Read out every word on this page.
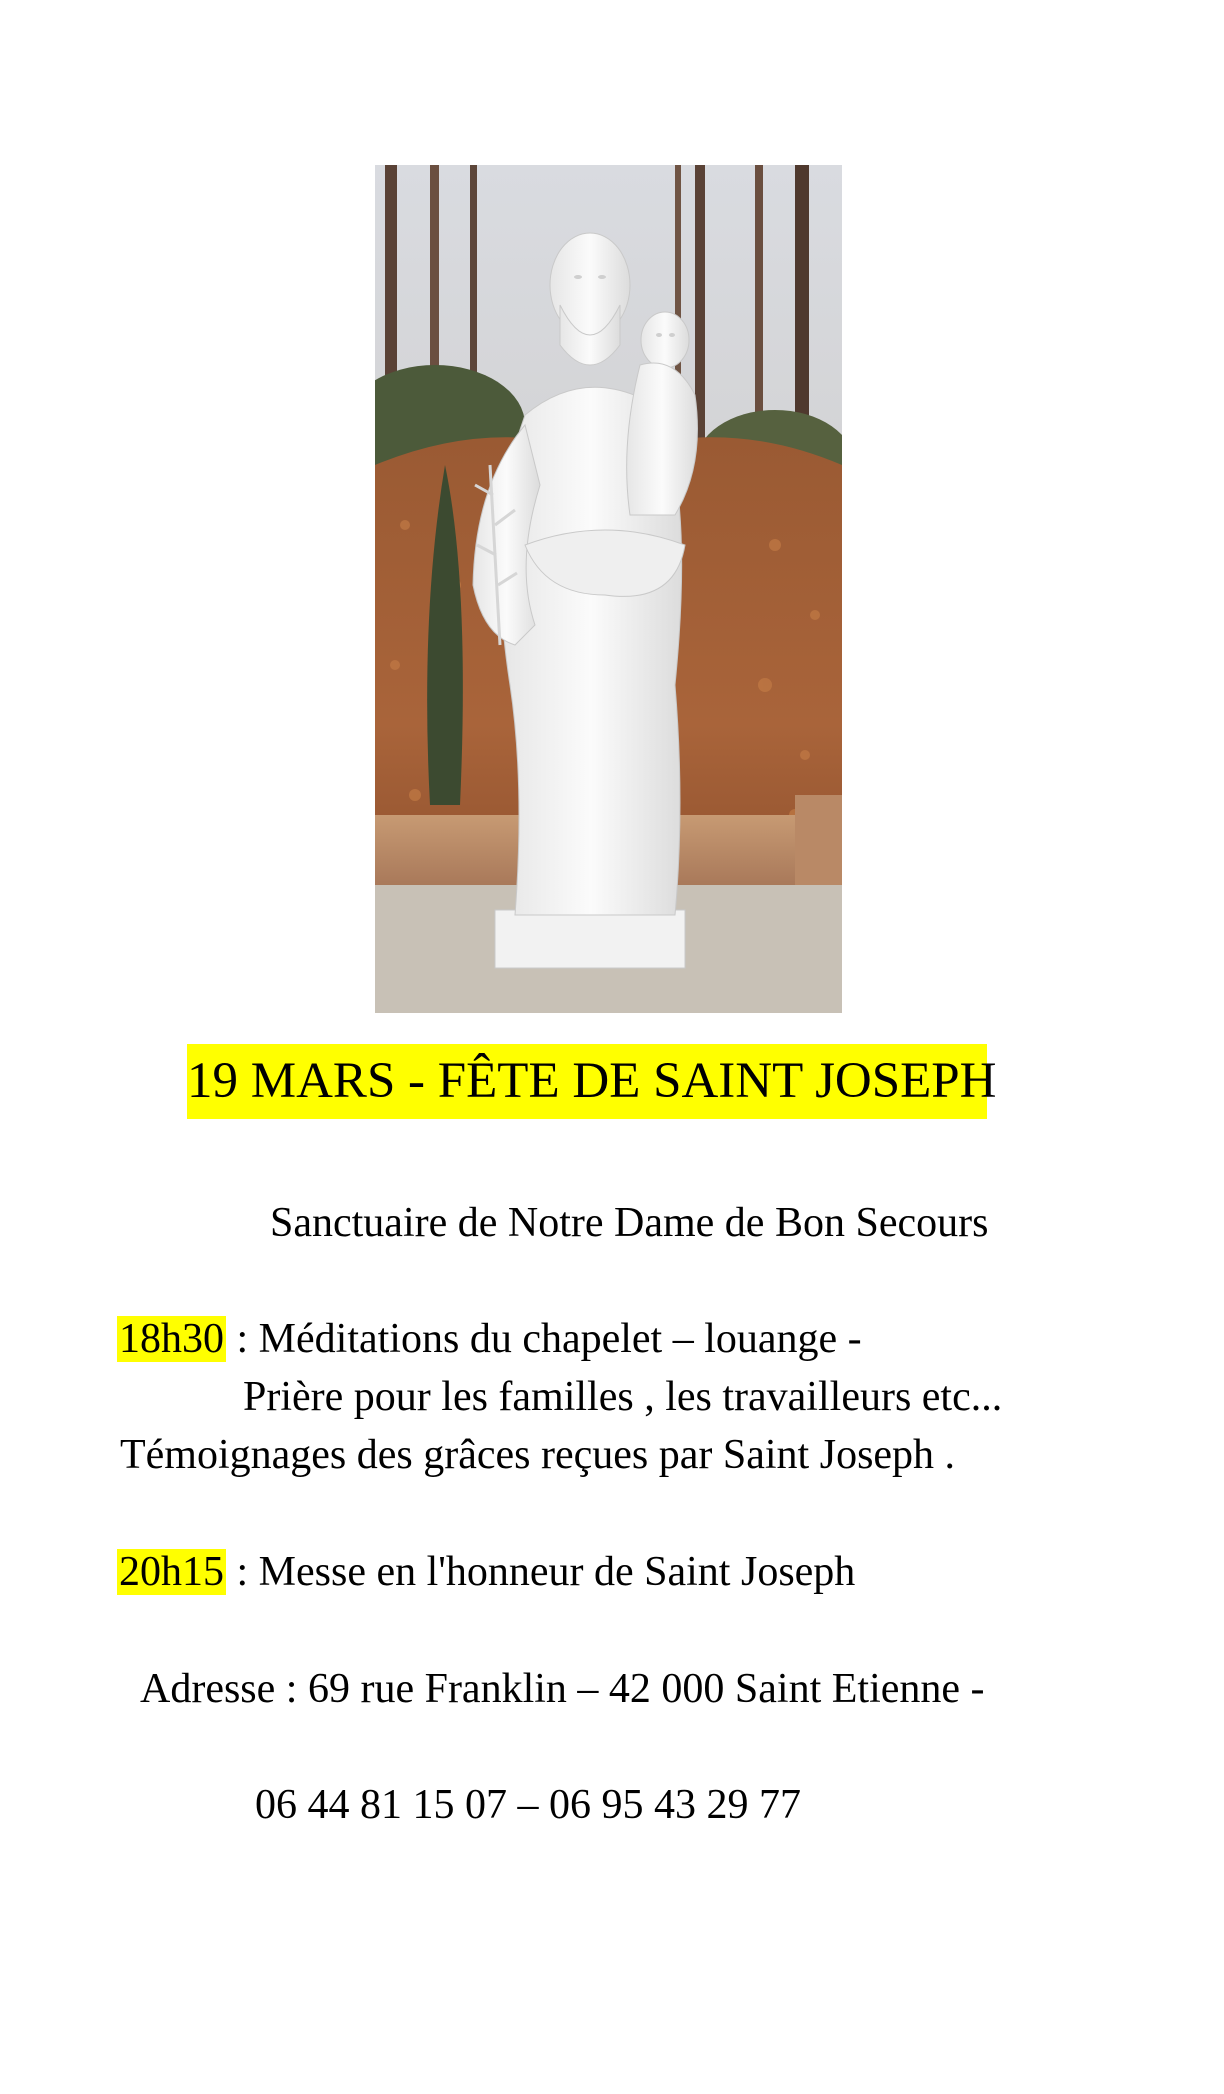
19 MARS - FÊTE DE SAINT JOSEPH
Sanctuaire de Notre Dame de Bon Secours
18h30 : Méditations du chapelet – louange -
Prière pour les familles , les travailleurs etc...
Témoignages des grâces reçues par Saint Joseph .
20h15 : Messe en l'honneur de Saint Joseph
Adresse : 69 rue Franklin – 42 000 Saint Etienne -
06 44 81 15 07 – 06 95 43 29 77
